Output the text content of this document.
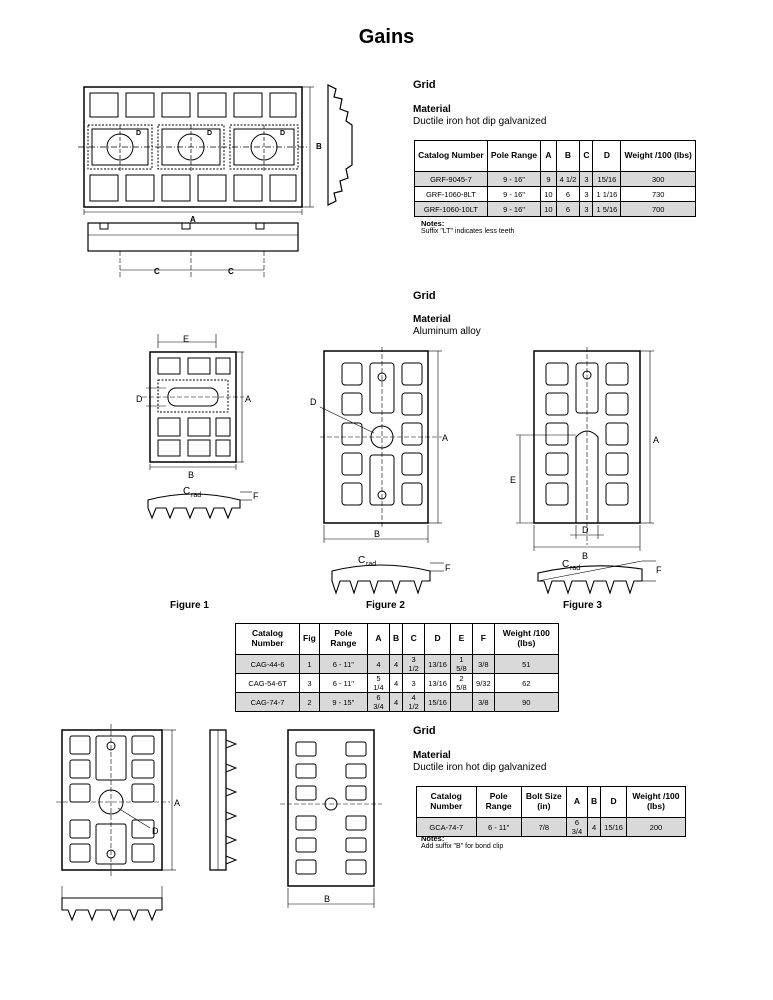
Gains
Grid
Material
Ductile iron hot dip galvanized
Catalog Number	Pole Range	A	B	C	D	Weight /100 (lbs)
GRF-9045-7	9 - 16"	9	4 1/2	3	15/16	300
GRF-1060-8LT	9 - 16"	10	6	3	1 1/16	730
GRF-1060-10LT	9 - 16"	10	6	3	1 5/16	700
Notes:
Suffix "LT" indicates less teeth
B
A
C	C
D	D	D
Grid
Material
Aluminum alloy
E
D	A
B
C rad	F
D
A
B
C rad	F
A
E
D
B
C rad	F
Figure 1	Figure 2	Figure 3
Catalog Number	Fig	Pole Range	A	B	C	D	E	F	Weight /100 (lbs)
CAG-44-6	1	6 - 11"	4	4	3 1/2	13/16	1 5/8	3/8	51
CAG-54-6T	3	6 - 11"	5 1/4	4	3	13/16	2 5/8	9/32	62
CAG-74-7	2	9 - 15"	6 3/4	4	4 1/2	15/16		3/8	90
Grid
Material
Ductile iron hot dip galvanized
Catalog Number	Pole Range	Bolt Size (in)	A	B	D	Weight /100 (lbs)
GCA-74-7	6 - 11"	7/8	6 3/4	4	15/16	200
Notes:
Add suffix "B" for bond clip
A
D
B
